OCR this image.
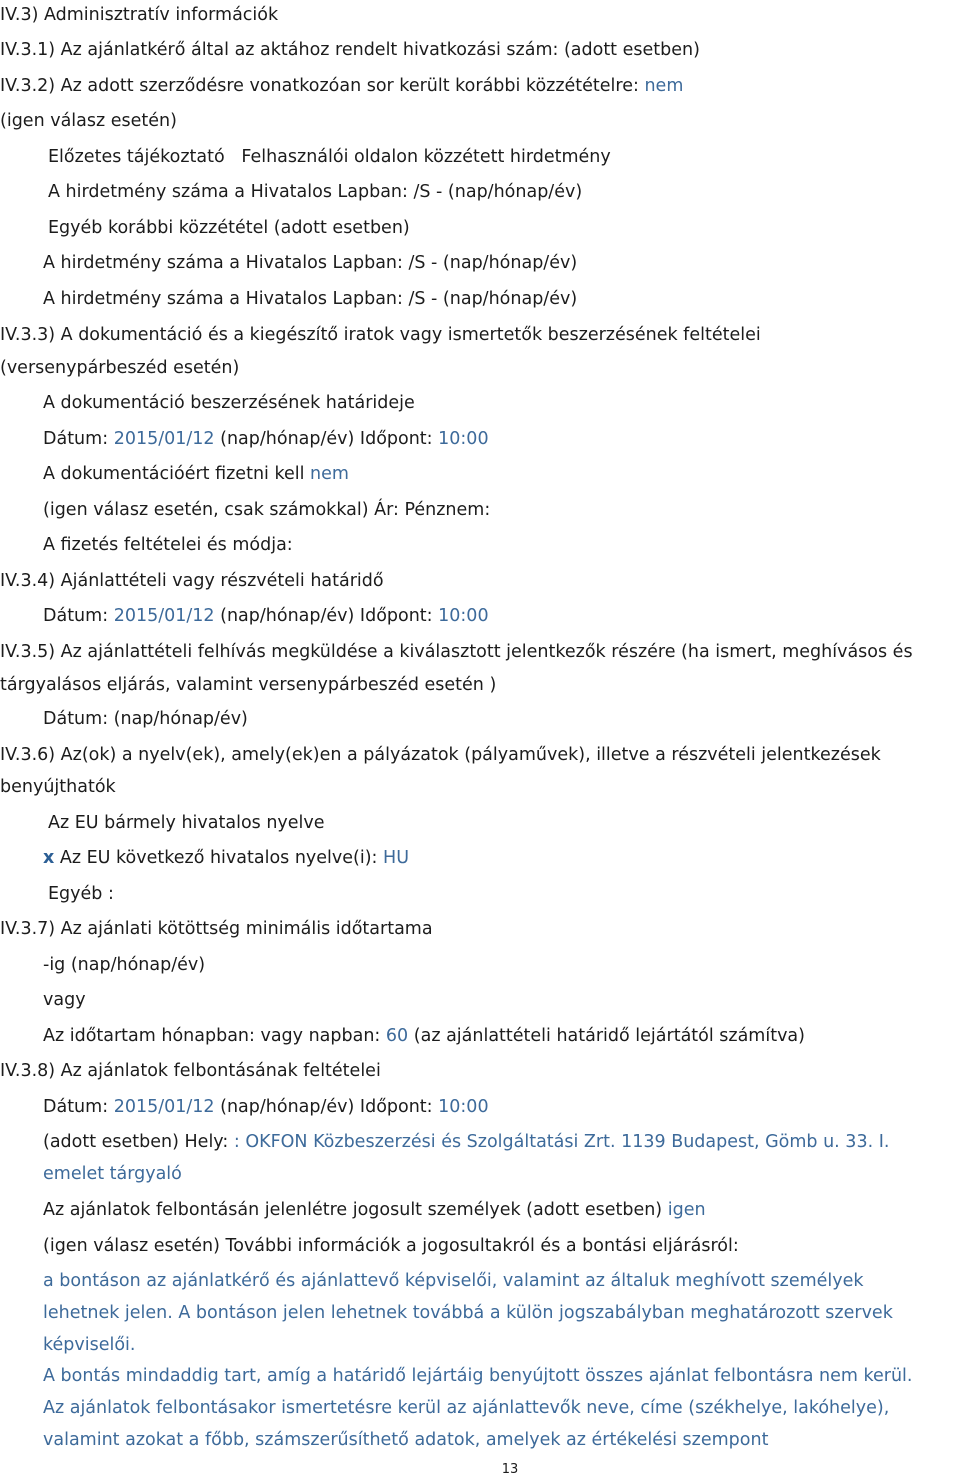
IV.3) Adminisztratív információk
IV.3.1) Az ajánlatkérő által az aktához rendelt hivatkozási szám: (adott esetben)
IV.3.2) Az adott szerződésre vonatkozóan sor került korábbi közzétételre: nem
(igen válasz esetén)
Előzetes tájékoztató   Felhasználói oldalon közzétett hirdetmény
A hirdetmény száma a Hivatalos Lapban: /S - (nap/hónap/év)
Egyéb korábbi közzététel (adott esetben)
A hirdetmény száma a Hivatalos Lapban: /S - (nap/hónap/év)
A hirdetmény száma a Hivatalos Lapban: /S - (nap/hónap/év)
IV.3.3) A dokumentáció és a kiegészítő iratok vagy ismertetők beszerzésének feltételei
(versenypárbeszéd esetén)
A dokumentáció beszerzésének határideje
Dátum: 2015/01/12 (nap/hónap/év) Időpont: 10:00
A dokumentációért fizetni kell nem
(igen válasz esetén, csak számokkal) Ár: Pénznem:
A fizetés feltételei és módja:
IV.3.4) Ajánlattételi vagy részvételi határidő
Dátum: 2015/01/12 (nap/hónap/év) Időpont: 10:00
IV.3.5) Az ajánlattételi felhívás megküldése a kiválasztott jelentkezők részére (ha ismert, meghívásos és
tárgyalásos eljárás, valamint versenypárbeszéd esetén )
Dátum: (nap/hónap/év)
IV.3.6) Az(ok) a nyelv(ek), amely(ek)en a pályázatok (pályaművek), illetve a részvételi jelentkezések
benyújthatók
Az EU bármely hivatalos nyelve
x Az EU következő hivatalos nyelve(i): HU
Egyéb :
IV.3.7) Az ajánlati kötöttség minimális időtartama
-ig (nap/hónap/év)
vagy
Az időtartam hónapban: vagy napban: 60 (az ajánlattételi határidő lejártától számítva)
IV.3.8) Az ajánlatok felbontásának feltételei
Dátum: 2015/01/12 (nap/hónap/év) Időpont: 10:00
(adott esetben) Hely: : OKFON Közbeszerzési és Szolgáltatási Zrt. 1139 Budapest, Gömb u. 33. I.
emelet tárgyaló
Az ajánlatok felbontásán jelenlétre jogosult személyek (adott esetben) igen
(igen válasz esetén) További információk a jogosultakról és a bontási eljárásról:
a bontáson az ajánlatkérő és ajánlattevő képviselői, valamint az általuk meghívott személyek
lehetnek jelen. A bontáson jelen lehetnek továbbá a külön jogszabályban meghatározott szervek
képviselői.
A bontás mindaddig tart, amíg a határidő lejártáig benyújtott összes ajánlat felbontásra nem kerül.
Az ajánlatok felbontásakor ismertetésre kerül az ajánlattevők neve, címe (székhelye, lakóhelye),
valamint azokat a főbb, számszerűsíthető adatok, amelyek az értékelési szempont
13
